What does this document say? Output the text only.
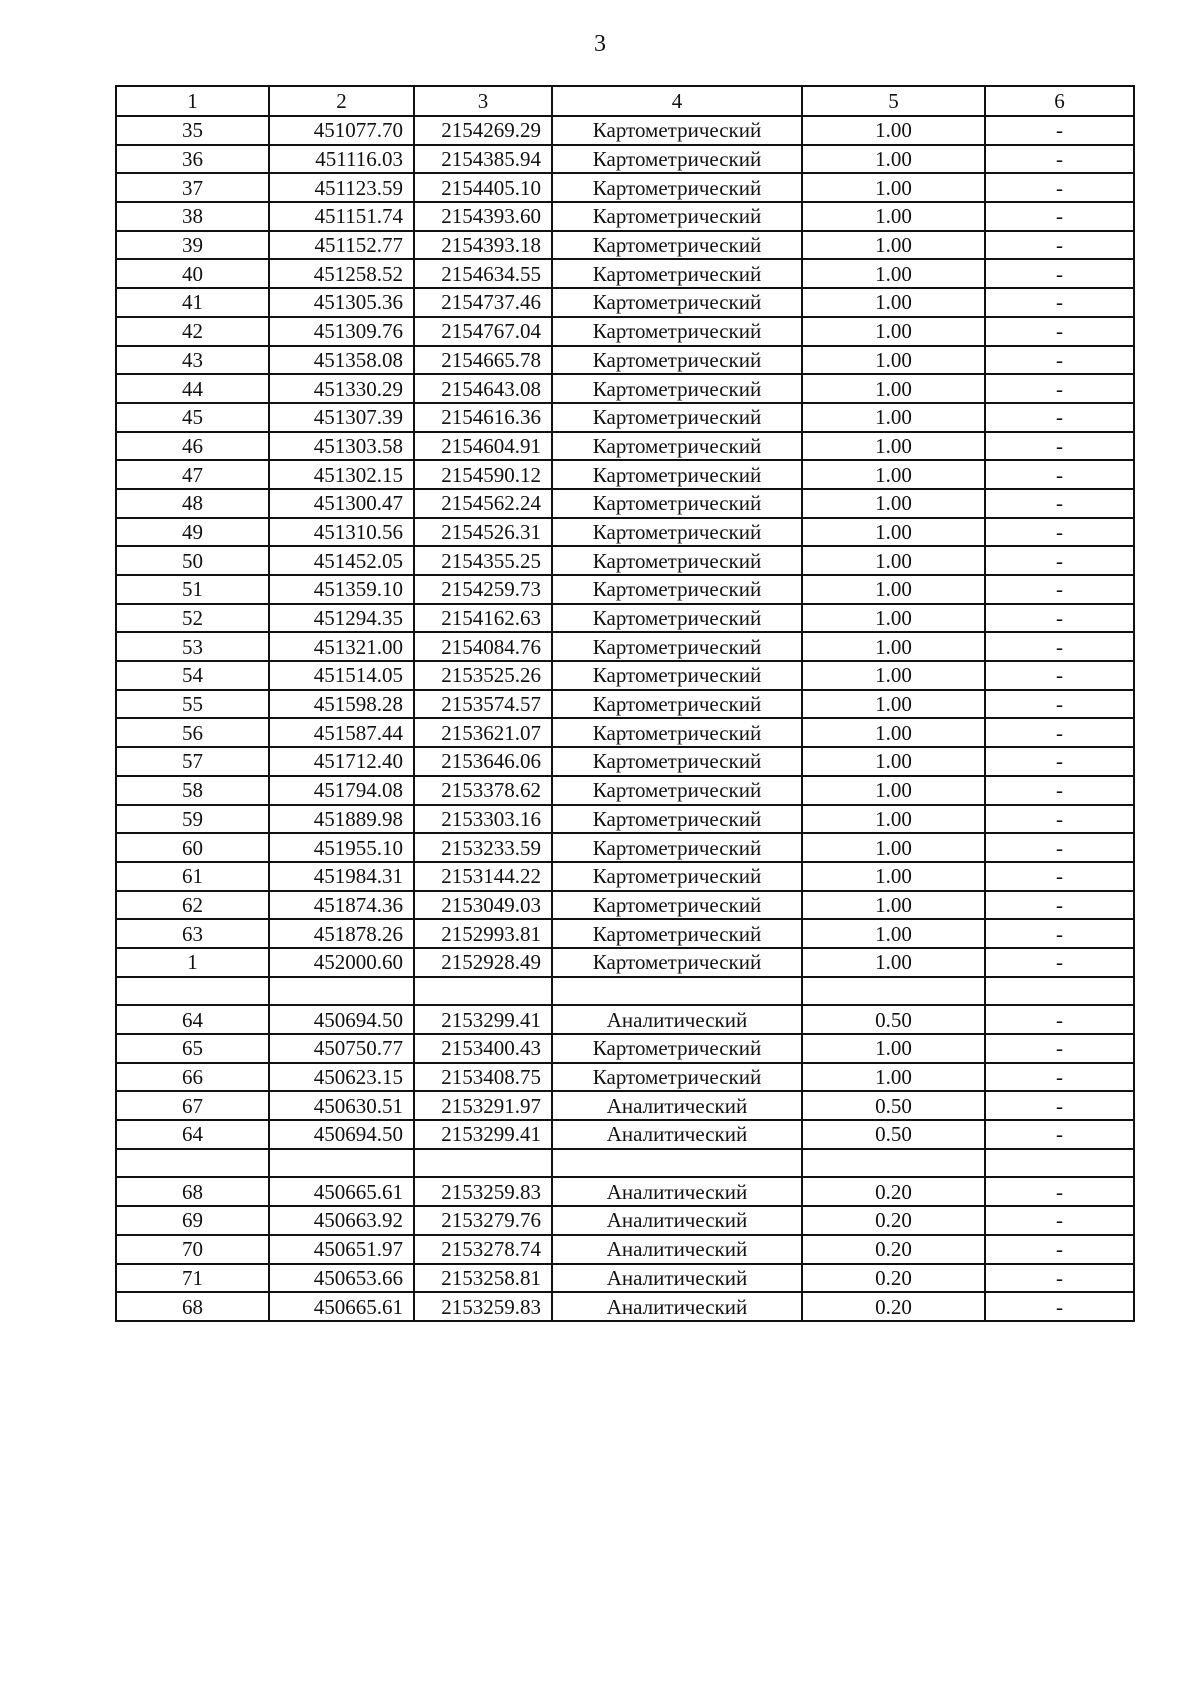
3
1	2	3	4	5	6
35	451077.70	2154269.29	Картометрический	1.00	-
36	451116.03	2154385.94	Картометрический	1.00	-
37	451123.59	2154405.10	Картометрический	1.00	-
38	451151.74	2154393.60	Картометрический	1.00	-
39	451152.77	2154393.18	Картометрический	1.00	-
40	451258.52	2154634.55	Картометрический	1.00	-
41	451305.36	2154737.46	Картометрический	1.00	-
42	451309.76	2154767.04	Картометрический	1.00	-
43	451358.08	2154665.78	Картометрический	1.00	-
44	451330.29	2154643.08	Картометрический	1.00	-
45	451307.39	2154616.36	Картометрический	1.00	-
46	451303.58	2154604.91	Картометрический	1.00	-
47	451302.15	2154590.12	Картометрический	1.00	-
48	451300.47	2154562.24	Картометрический	1.00	-
49	451310.56	2154526.31	Картометрический	1.00	-
50	451452.05	2154355.25	Картометрический	1.00	-
51	451359.10	2154259.73	Картометрический	1.00	-
52	451294.35	2154162.63	Картометрический	1.00	-
53	451321.00	2154084.76	Картометрический	1.00	-
54	451514.05	2153525.26	Картометрический	1.00	-
55	451598.28	2153574.57	Картометрический	1.00	-
56	451587.44	2153621.07	Картометрический	1.00	-
57	451712.40	2153646.06	Картометрический	1.00	-
58	451794.08	2153378.62	Картометрический	1.00	-
59	451889.98	2153303.16	Картометрический	1.00	-
60	451955.10	2153233.59	Картометрический	1.00	-
61	451984.31	2153144.22	Картометрический	1.00	-
62	451874.36	2153049.03	Картометрический	1.00	-
63	451878.26	2152993.81	Картометрический	1.00	-
1	452000.60	2152928.49	Картометрический	1.00	-

64	450694.50	2153299.41	Аналитический	0.50	-
65	450750.77	2153400.43	Картометрический	1.00	-
66	450623.15	2153408.75	Картометрический	1.00	-
67	450630.51	2153291.97	Аналитический	0.50	-
64	450694.50	2153299.41	Аналитический	0.50	-

68	450665.61	2153259.83	Аналитический	0.20	-
69	450663.92	2153279.76	Аналитический	0.20	-
70	450651.97	2153278.74	Аналитический	0.20	-
71	450653.66	2153258.81	Аналитический	0.20	-
68	450665.61	2153259.83	Аналитический	0.20	-
